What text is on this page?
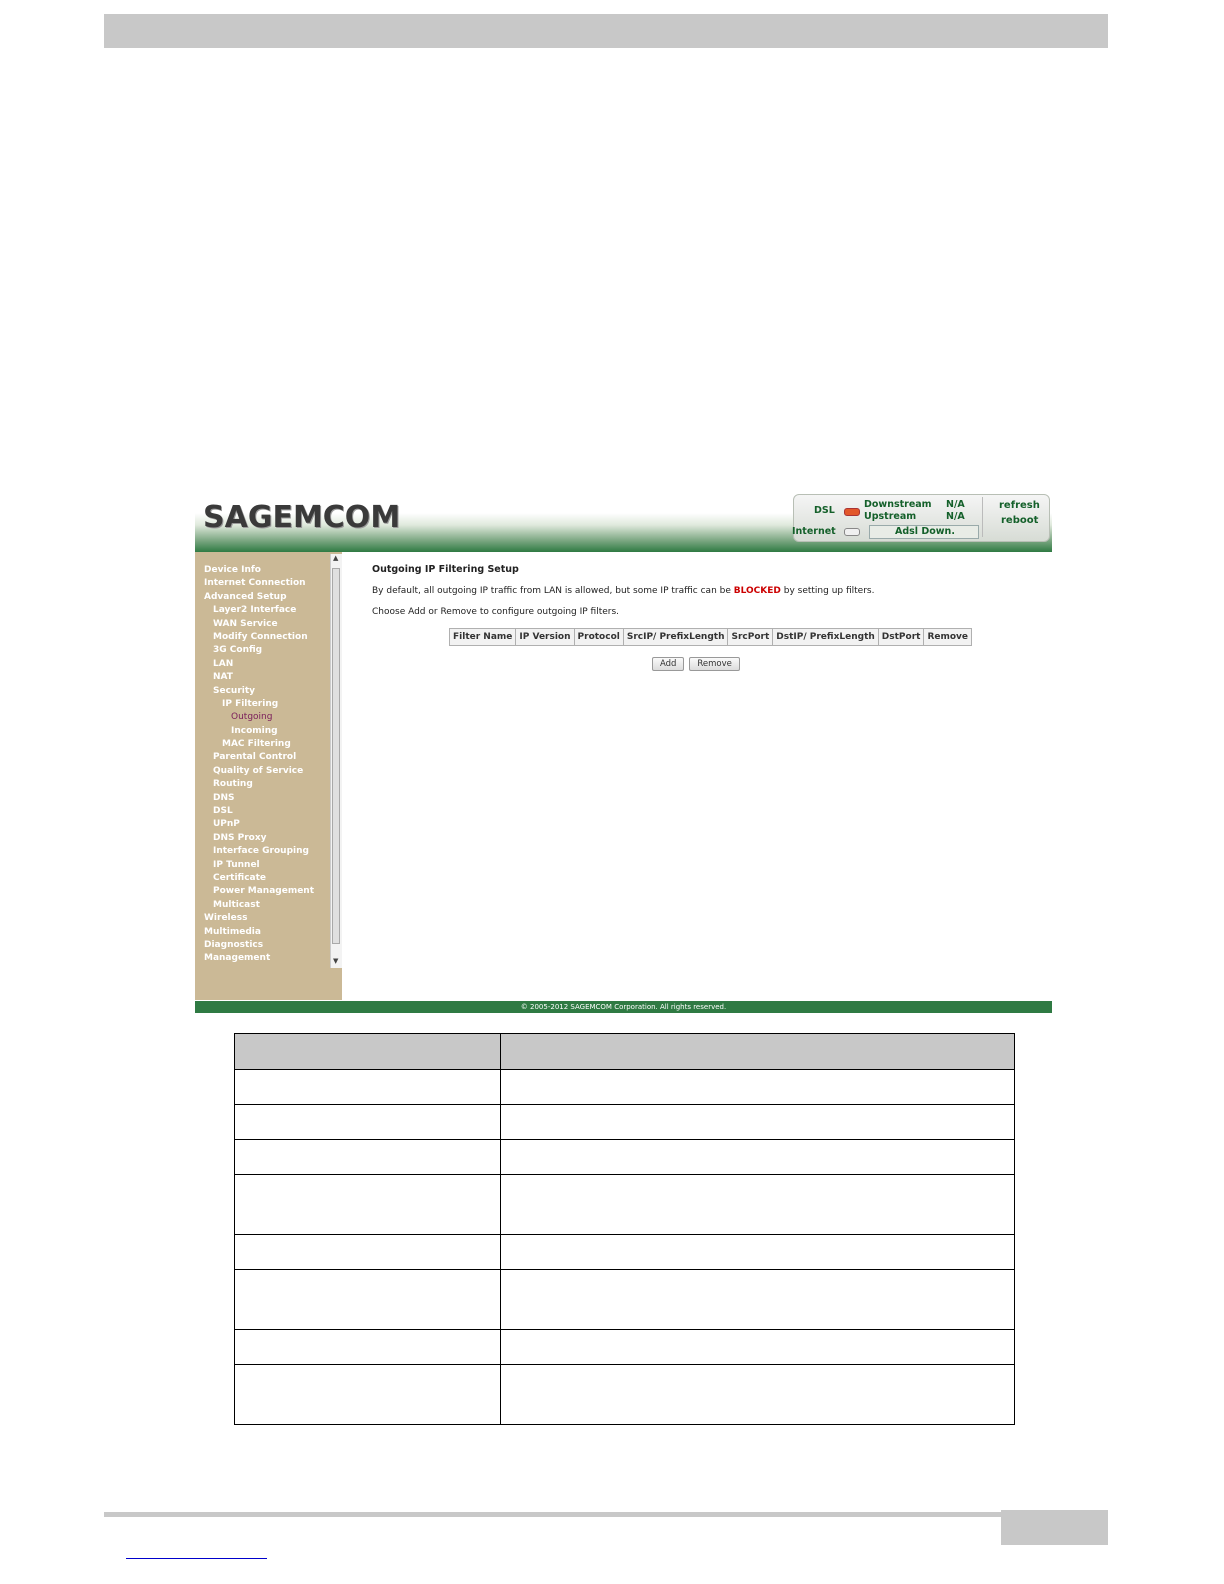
SAGEMCOM	DSL
Downstream N/A
Upstream	N/A
Internet	Adsl Down.
refresh
reboot
Device Info
Internet Connection
Advanced Setup
Layer2 Interface
WAN Service
Modify Connection
3G Config
LAN
NAT
Security
IP Filtering
Outgoing
Incoming
MAC Filtering
Parental Control
Quality of Service
Routing
DNS
DSL
UPnP
DNS Proxy
Interface Grouping
IP Tunnel
Certificate
Power Management
Multicast
Wireless
Multimedia
Diagnostics
Management
▲
▼
Outgoing IP Filtering Setup
By default, all outgoing IP traffic from LAN is allowed, but some IP traffic can be BLOCKED by setting up filters.
Choose Add or Remove to configure outgoing IP filters.
Filter Name	IP Version	Protocol	SrcIP/ PrefixLength	SrcPort	DstIP/ PrefixLength	DstPort	Remove
Add Remove
© 2005-2012 SAGEMCOM Corporation. All rights reserved.
